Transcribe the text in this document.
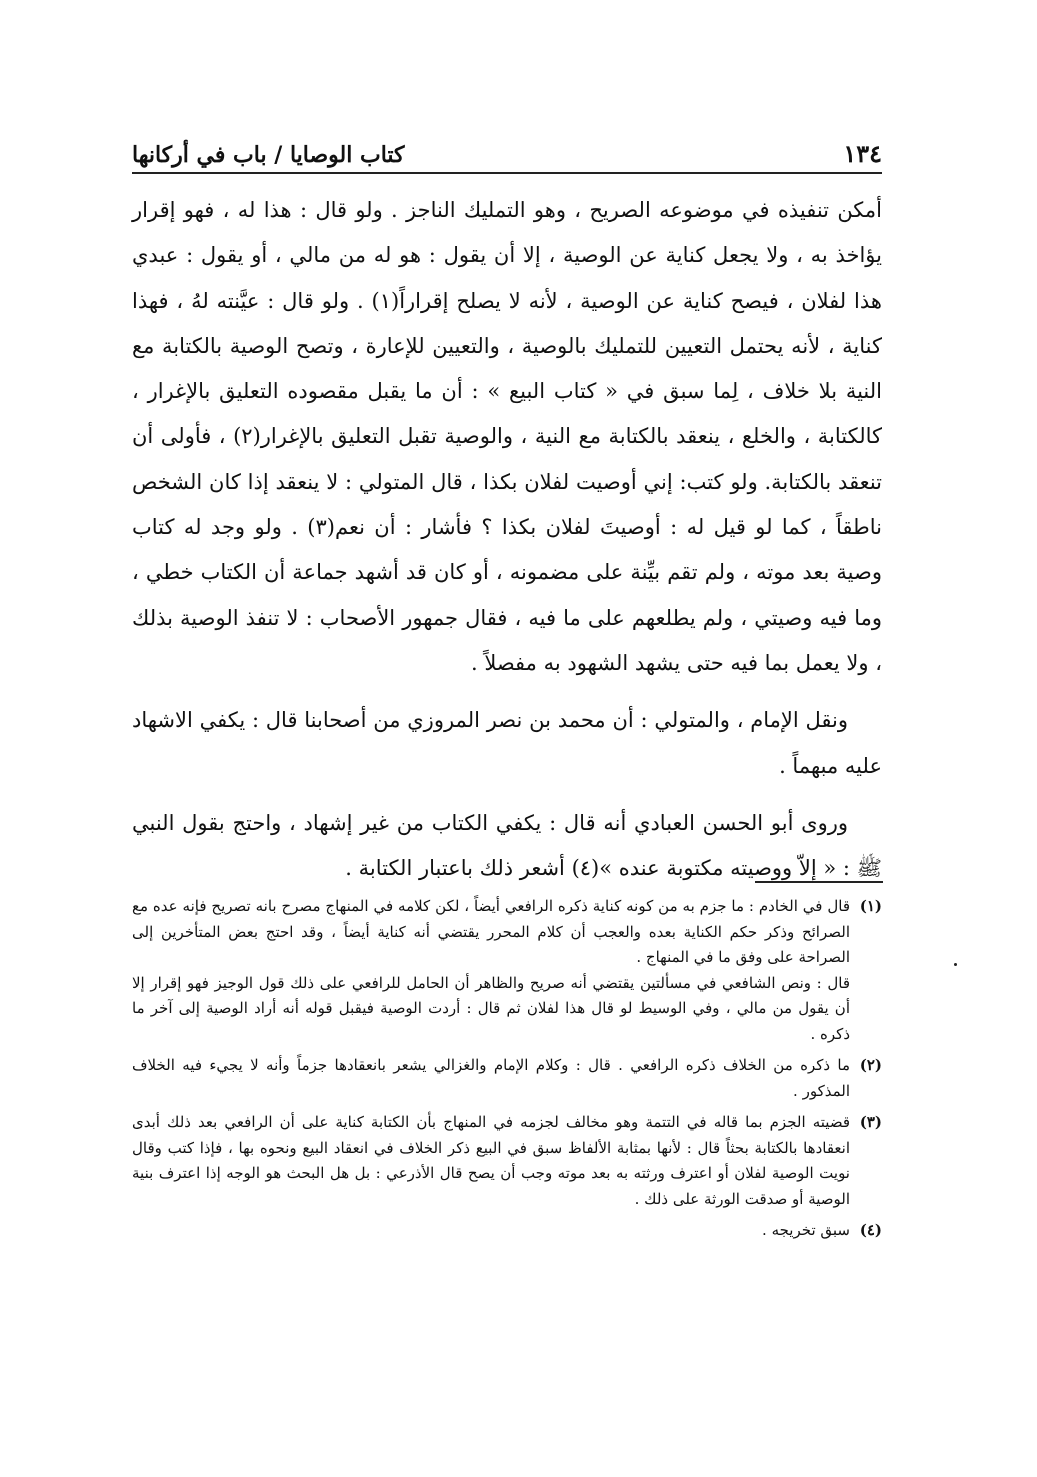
١٣٤
كتاب الوصايا / باب في أركانها

أمكن تنفيذه في موضوعه الصريح ، وهو التمليك الناجز . ولو قال : هذا له ، فهو إقرار يؤاخذ به ، ولا يجعل كناية عن الوصية ، إلا أن يقول : هو له من مالي ، أو يقول : عبدي هذا لفلان ، فيصح كناية عن الوصية ، لأنه لا يصلح إقراراً(١) . ولو قال : عيَّنته لهُ ، فهذا كناية ، لأنه يحتمل التعيين للتمليك بالوصية ، والتعيين للإعارة ، وتصح الوصية بالكتابة مع النية بلا خلاف ، لِما سبق في « كتاب البيع » : أن ما يقبل مقصوده التعليق بالإغرار ، كالكتابة ، والخلع ، ينعقد بالكتابة مع النية ، والوصية تقبل التعليق بالإغرار(٢) ، فأولى أن تنعقد بالكتابة. ولو كتب: إني أوصيت لفلان بكذا ، قال المتولي : لا ينعقد إذا كان الشخص ناطقاً ، كما لو قيل له : أوصيتَ لفلان بكذا ؟ فأشار : أن نعم(٣) . ولو وجد له كتاب وصية بعد موته ، ولم تقم بيِّنة على مضمونه ، أو كان قد أشهد جماعة أن الكتاب خطي ، وما فيه وصيتي ، ولم يطلعهم على ما فيه ، فقال جمهور الأصحاب : لا تنفذ الوصية بذلك ، ولا يعمل بما فيه حتى يشهد الشهود به مفصلاً .

ونقل الإمام ، والمتولي : أن محمد بن نصر المروزي من أصحابنا قال : يكفي الاشهاد عليه مبهماً .

وروى أبو الحسن العبادي أنه قال : يكفي الكتاب من غير إشهاد ، واحتج بقول النبي ﷺ : « إلاّ ووصيته مكتوبة عنده »(٤) أشعر ذلك باعتبار الكتابة .

(١)

قال في الخادم : ما جزم به من كونه كناية ذكره الرافعي أيضاً ، لكن كلامه في المنهاج مصرح بانه تصريح فإنه عده مع الصرائح وذكر حكم الكناية بعده والعجب أن كلام المحرر يقتضي أنه كناية أيضاً ، وقد احتج بعض المتأخرين إلى الصراحة على وفق ما في المنهاج .

قال : ونص الشافعي في مسألتين يقتضي أنه صريح والظاهر أن الحامل للرافعي على ذلك قول الوجيز فهو إقرار إلا أن يقول من مالي ، وفي الوسيط لو قال هذا لفلان ثم قال : أردت الوصية فيقبل قوله أنه أراد الوصية إلى آخر ما ذكره .

(٢)

ما ذكره من الخلاف ذكره الرافعي . قال : وكلام الإمام والغزالي يشعر بانعقادها جزماً وأنه لا يجيء فيه الخلاف المذكور .

(٣)

قضيته الجزم بما قاله في التتمة وهو مخالف لجزمه في المنهاج بأن الكتابة كناية على أن الرافعي بعد ذلك أبدى انعقادها بالكتابة بحثاً قال : لأنها بمثابة الألفاظ سبق في البيع ذكر الخلاف في انعقاد البيع ونحوه بها ، فإذا كتب وقال نويت الوصية لفلان أو اعترف ورثته به بعد موته وجب أن يصح قال الأذرعي : بل هل البحث هو الوجه إذا اعترف بنية الوصية أو صدقت الورثة على ذلك .

(٤)

سبق تخريجه .
